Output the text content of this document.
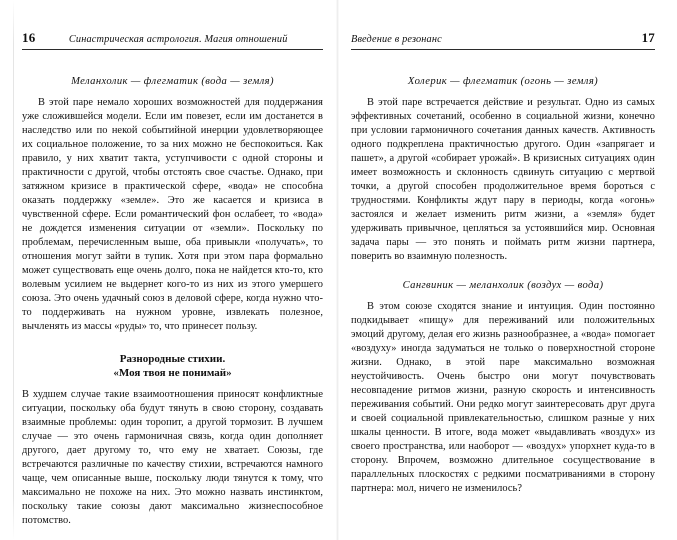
16	Синастрическая астрология. Магия отношений
Меланхолик — флегматик (вода — земля)

В этой паре немало хороших возможностей для поддержания уже сложившейся модели. Если им повезет, если им достанется в наследство или по некой событийной инерции удовлетворяющее их социальное положение, то за них можно не беспокоиться. Как правило, у них хватит такта, уступчивости с одной стороны и практичности с другой, чтобы отстоять свое счастье. Однако, при затяжном кризисе в практической сфере, «вода» не способна оказать поддержку «земле». Это же касается и кризиса в чувственной сфере. Если романтический фон ослабеет, то «вода» не дождется изменения ситуации от «земли». Поскольку по проблемам, перечисленным выше, оба привыкли «получать», то отношения могут зайти в тупик. Хотя при этом пара формально может существовать еще очень долго, пока не найдется кто-то, кто волевым усилием не выдернет кого-то из них из этого умершего союза. Это очень удачный союз в деловой сфере, когда нужно что-то поддерживать на нужном уровне, извлекать полезное, вычленять из массы «руды» то, что принесет пользу.

Разнородные стихии.
«Моя твоя не понимай»

В худшем случае такие взаимоотношения приносят конфликтные ситуации, поскольку оба будут тянуть в свою сторону, создавать взаимные проблемы: один торопит, а другой тормозит. В лучшем случае — это очень гармоничная связь, когда один дополняет другого, дает другому то, что ему не хватает. Союзы, где встречаются различные по качеству стихии, встречаются намного чаще, чем описанные выше, поскольку люди тянутся к тому, что максимально не похоже на них. Это можно назвать инстинктом, поскольку такие союзы дают максимально жизнеспособное потомство.

Введение в резонанс	17
Холерик — флегматик (огонь — земля)

В этой паре встречается действие и результат. Одно из самых эффективных сочетаний, особенно в социальной жизни, конечно при условии гармоничного сочетания данных качеств. Активность одного подкреплена практичностью другого. Один «запрягает и пашет», а другой «собирает урожай». В кризисных ситуациях один имеет возможность и склонность сдвинуть ситуацию с мертвой точки, а другой способен продолжительное время бороться с трудностями. Конфликты ждут пару в периоды, когда «огонь» застоялся и желает изменить ритм жизни, а «земля» будет удерживать привычное, цепляться за устоявшийся мир. Основная задача пары — это понять и поймать ритм жизни партнера, поверить во взаимную полезность.

Сангвиник — меланхолик (воздух — вода)

В этом союзе сходятся знание и интуиция. Один постоянно подкидывает «пищу» для переживаний или положительных эмоций другому, делая его жизнь разнообразнее, а «вода» помогает «воздуху» иногда задуматься не только о поверхностной стороне жизни. Однако, в этой паре максимально возможная неустойчивость. Очень быстро они могут почувствовать несовпадение ритмов жизни, разную скорость и интенсивность переживания событий. Они редко могут заинтересовать друг друга и своей социальной привлекательностью, слишком разные у них шкалы ценности. В итоге, вода может «выдавливать «воздух» из своего пространства, или наоборот — «воздух» упорхнет куда-то в сторону. Впрочем, возможно длительное сосуществование в параллельных плоскостях с редкими посматриваниями в сторону партнера: мол, ничего не изменилось?
